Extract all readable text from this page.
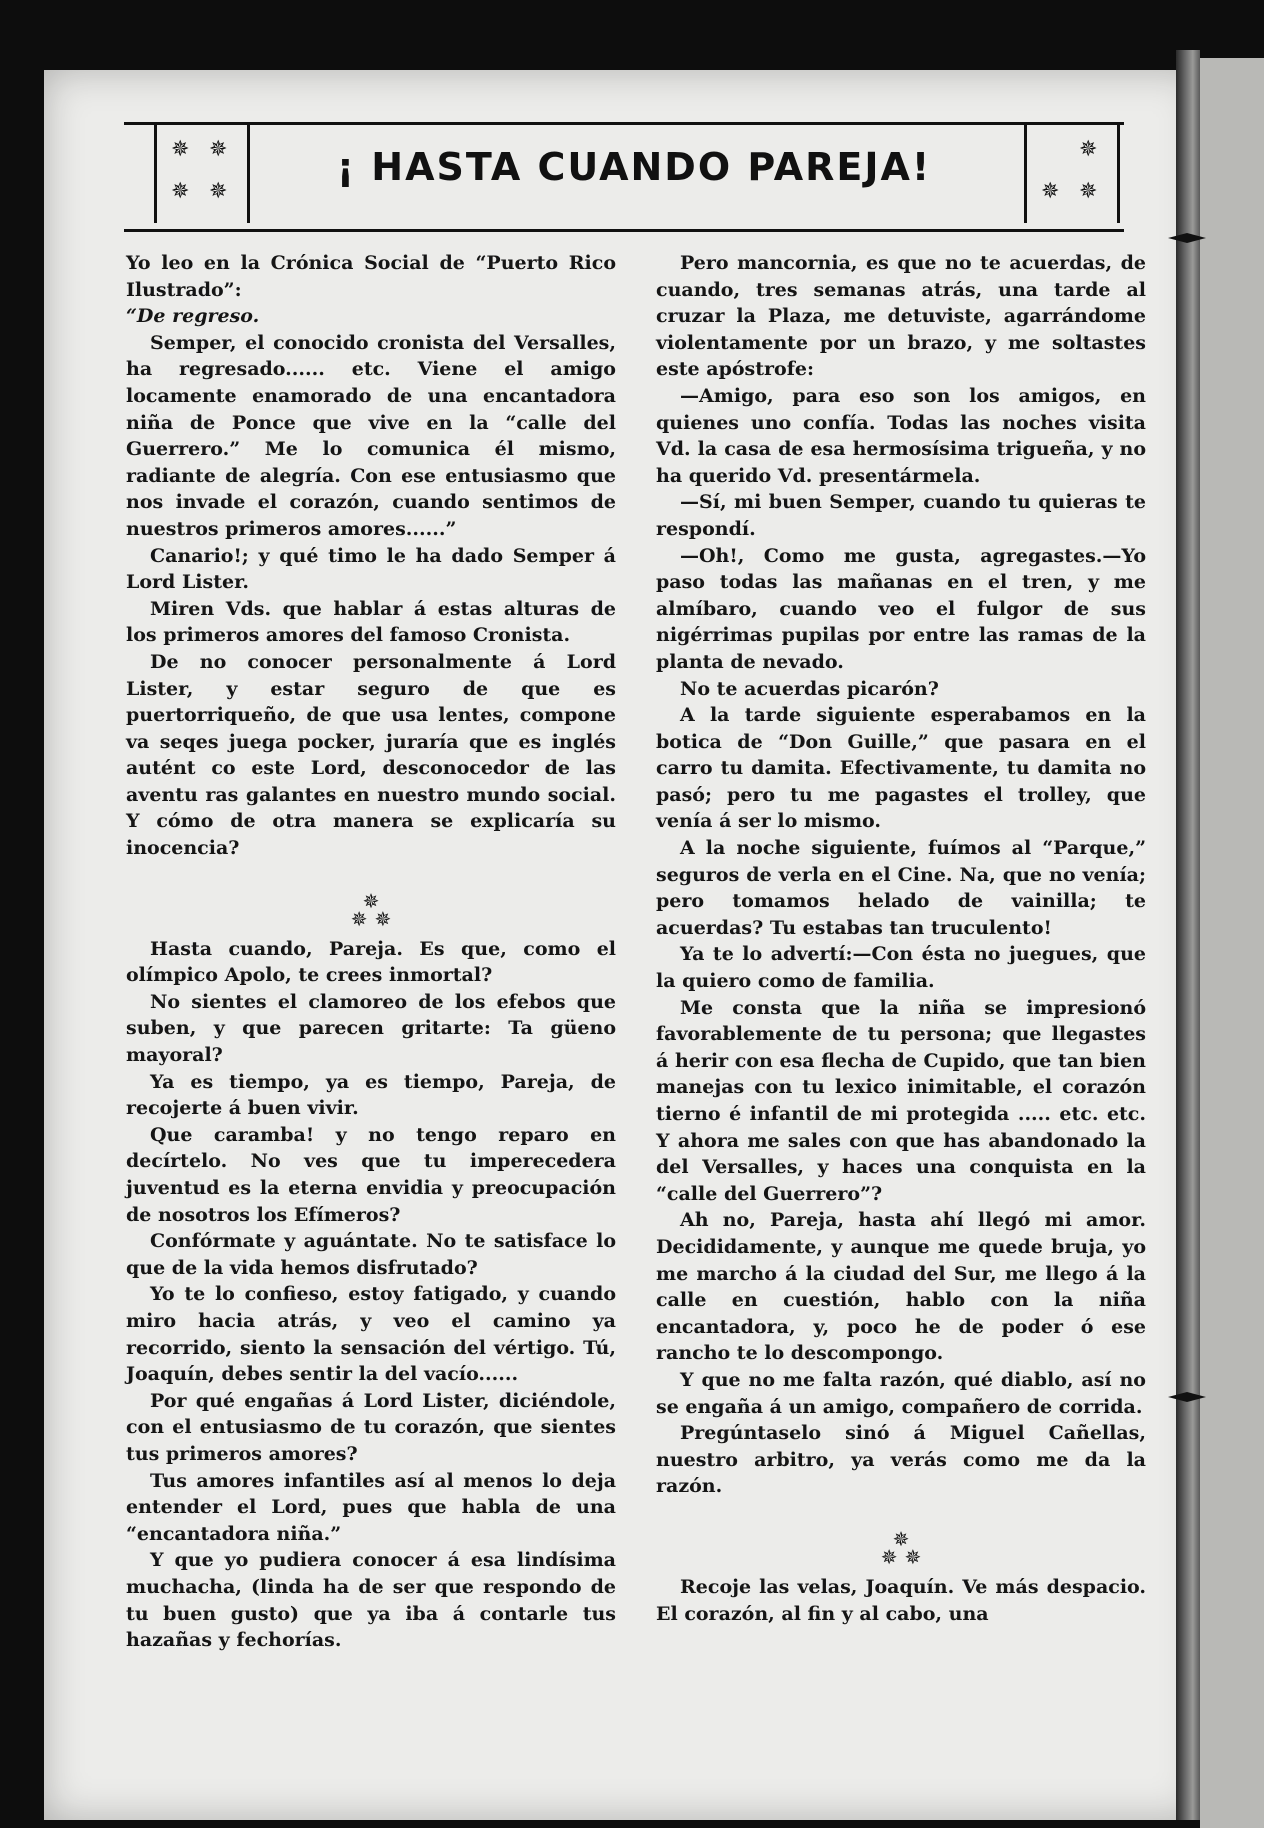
✵ ✵
✵ ✵
¡ HASTA CUANDO PAREJA!	✵
✵ ✵

Yo leo en la Crónica Social de “Puerto Rico Ilustrado”:

“De regreso.

Semper, el conocido cronista del Versalles, ha regresado...... etc. Viene el amigo locamente enamorado de una encantadora niña de Ponce que vive en la “calle del Guerrero.” Me lo comunica él mismo, radiante de alegría. Con ese entusiasmo que nos invade el corazón, cuando sentimos de nuestros primeros amores......”

Canario!; y qué timo le ha dado Semper á Lord Lister.

Miren Vds. que hablar á estas alturas de los primeros amores del famoso Cronista.

De no conocer personalmente á Lord Lister, y estar seguro de que es puertorriqueño, de que usa lentes, compone va seqes juega pocker, juraría que es inglés autént co este Lord, desconocedor de las aventu ras galantes en nuestro mundo social. Y cómo de otra manera se explicaría su inocencia?

✵
✵ ✵

Hasta cuando, Pareja. Es que, como el olímpico Apolo, te crees inmortal?

No sientes el clamoreo de los efebos que suben, y que parecen gritarte: Ta güeno mayoral?

Ya es tiempo, ya es tiempo, Pareja, de recojerte á buen vivir.

Que caramba! y no tengo reparo en decírtelo. No ves que tu imperecedera juventud es la eterna envidia y preocupación de nosotros los Efímeros?

Confórmate y aguántate. No te satisface lo que de la vida hemos disfrutado?

Yo te lo confieso, estoy fatigado, y cuando miro hacia atrás, y veo el camino ya recorrido, siento la sensación del vértigo. Tú, Joaquín, debes sentir la del vacío......

Por qué engañas á Lord Lister, diciéndole, con el entusiasmo de tu corazón, que sientes tus primeros amores?

Tus amores infantiles así al menos lo deja entender el Lord, pues que habla de una “encantadora niña.”

Y que yo pudiera conocer á esa lindísima muchacha, (linda ha de ser que respondo de tu buen gusto) que ya iba á contarle tus hazañas y fechorías.

Pero mancornia, es que no te acuerdas, de cuando, tres semanas atrás, una tarde al cruzar la Plaza, me detuviste, agarrándome violentamente por un brazo, y me soltastes este apóstrofe:

—Amigo, para eso son los amigos, en quienes uno confía. Todas las noches visita Vd. la casa de esa hermosísima trigueña, y no ha querido Vd. presentármela.

—Sí, mi buen Semper, cuando tu quieras te respondí.

—Oh!, Como me gusta, agregastes.—Yo paso todas las mañanas en el tren, y me almíbaro, cuando veo el fulgor de sus nigérrimas pupilas por entre las ramas de la planta de nevado.

No te acuerdas picarón?

A la tarde siguiente esperabamos en la botica de “Don Guille,” que pasara en el carro tu damita. Efectivamente, tu damita no pasó; pero tu me pagastes el trolley, que venía á ser lo mismo.

A la noche siguiente, fuímos al “Parque,” seguros de verla en el Cine. Na, que no venía; pero tomamos helado de vainilla; te acuerdas? Tu estabas tan truculento!

Ya te lo advertí:—Con ésta no juegues, que la quiero como de familia.

Me consta que la niña se impresionó favorablemente de tu persona; que llegastes á herir con esa flecha de Cupido, que tan bien manejas con tu lexico inimitable, el corazón tierno é infantil de mi protegida ..... etc. etc. Y ahora me sales con que has abandonado la del Versalles, y haces una conquista en la “calle del Guerrero”?

Ah no, Pareja, hasta ahí llegó mi amor. Decididamente, y aunque me quede bruja, yo me marcho á la ciudad del Sur, me llego á la calle en cuestión, hablo con la niña encantadora, y, poco he de poder ó ese rancho te lo descompongo.

Y que no me falta razón, qué diablo, así no se engaña á un amigo, compañero de corrida.

Pregúntaselo sinó á Miguel Cañellas, nuestro arbitro, ya verás como me da la razón.

✵
✵ ✵

Recoje las velas, Joaquín. Ve más despacio. El corazón, al fin y al cabo, una
